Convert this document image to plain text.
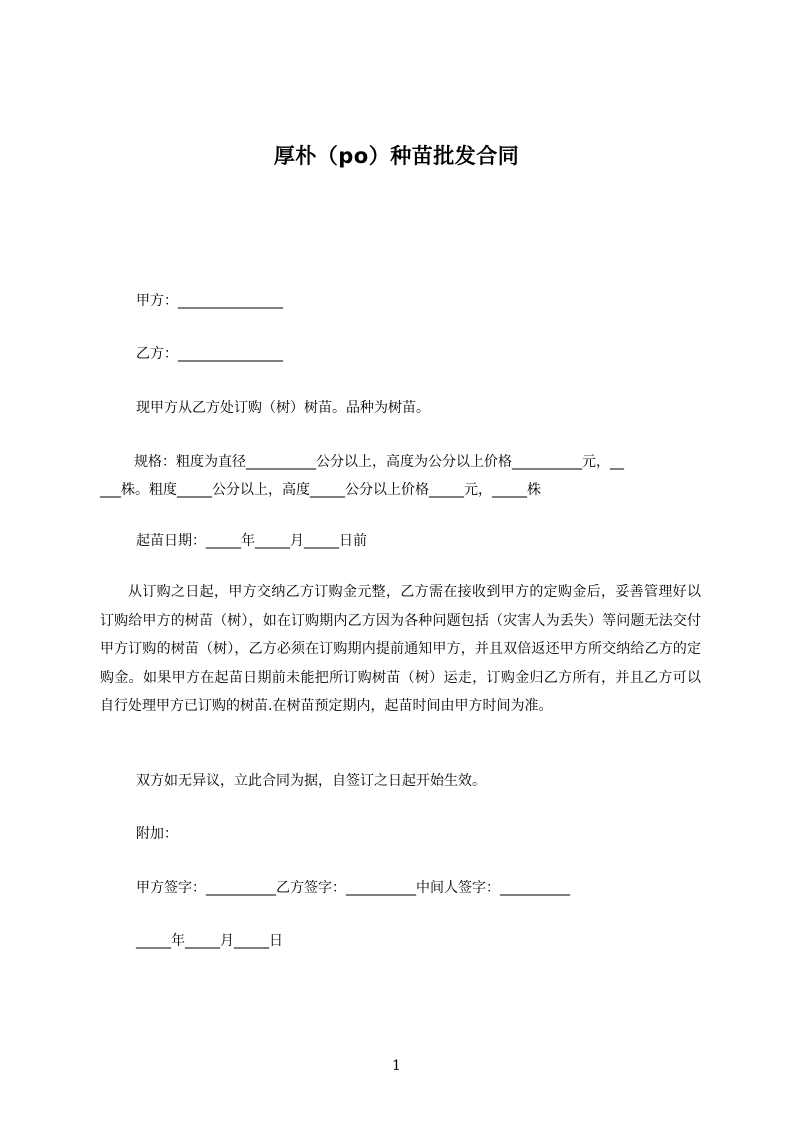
厚朴（po）种苗批发合同
甲方：_______________
乙方：_______________
现甲方从乙方处订购（树）树苗。品种为树苗。
规格：粗度为直径__________公分以上，高度为公分以上价格__________元，__
___株。粗度_____公分以上，高度_____公分以上价格_____元，_____株
起苗日期：_____年_____月_____日前
从订购之日起，甲方交纳乙方订购金元整，乙方需在接收到甲方的定购金后，妥善管理好以订购给甲方的树苗（树），如在订购期内乙方因为各种问题包括（灾害人为丢失）等问题无法交付甲方订购的树苗（树），乙方必须在订购期内提前通知甲方，并且双倍返还甲方所交纳给乙方的定购金。如果甲方在起苗日期前未能把所订购树苗（树）运走，订购金归乙方所有，并且乙方可以自行处理甲方已订购的树苗.在树苗预定期内，起苗时间由甲方时间为准。
双方如无异议，立此合同为据，自签订之日起开始生效。
附加：
甲方签字：__________乙方签字：__________中间人签字：__________
_____年_____月_____日
1
